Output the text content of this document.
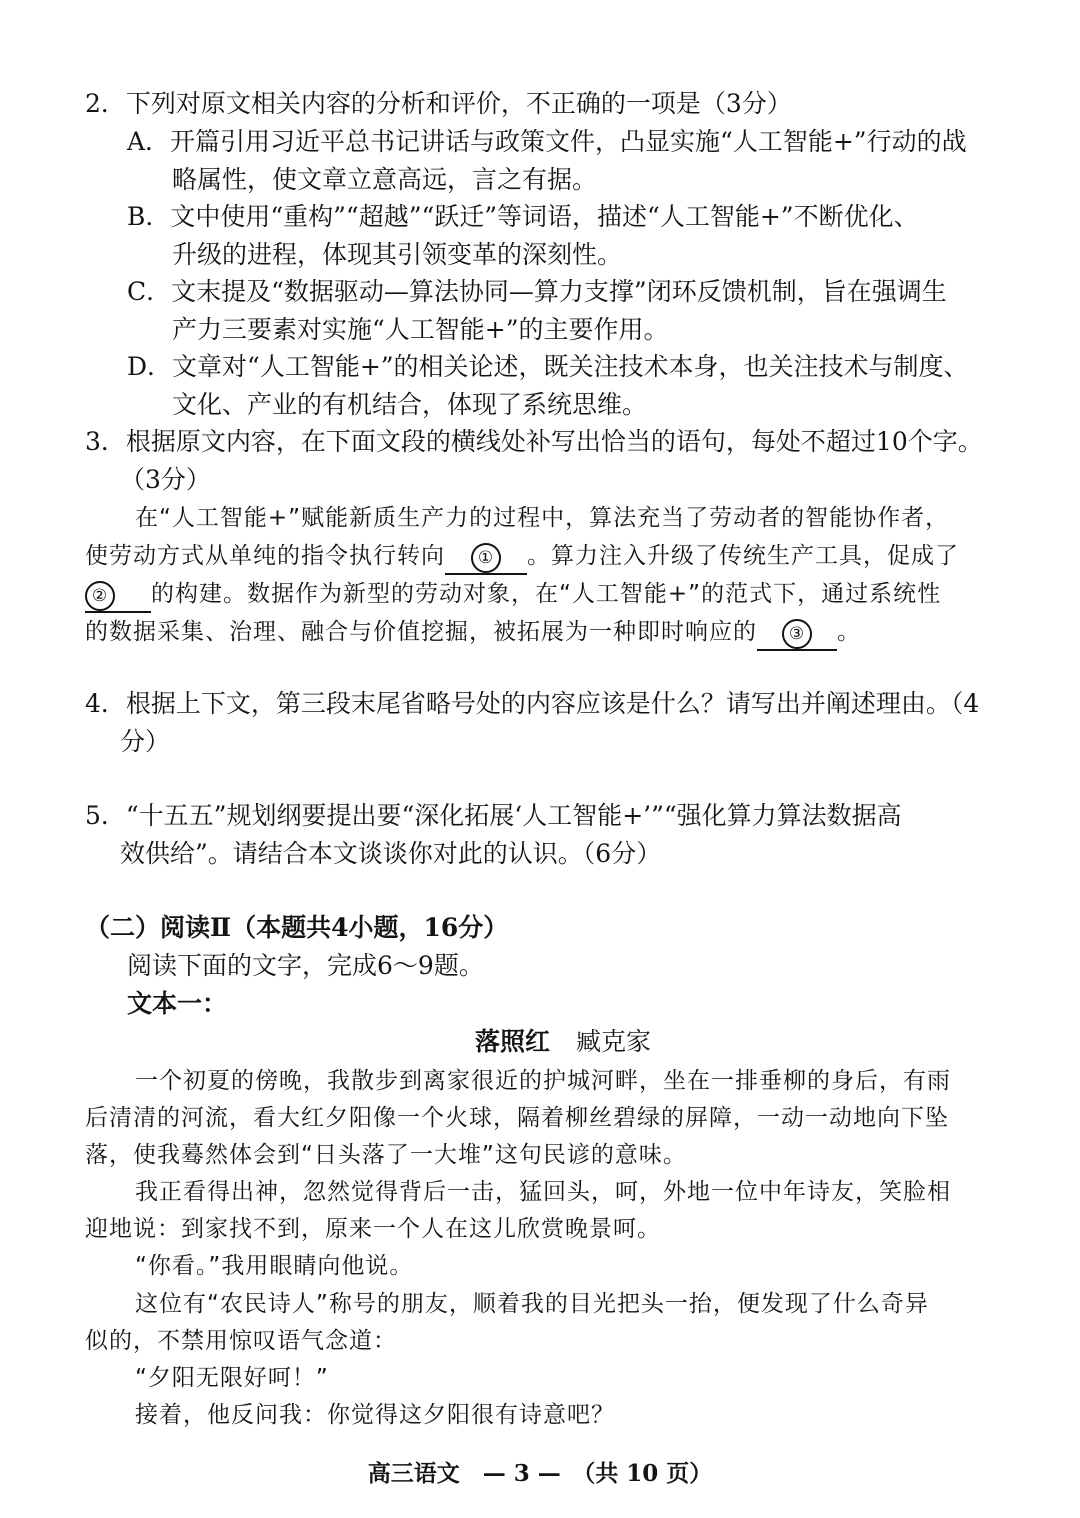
2．下列对原文相关内容的分析和评价，不正确的一项是（3分）
A．开篇引用习近平总书记讲话与政策文件，凸显实施“人工智能+”行动的战
略属性，使文章立意高远，言之有据。
B．文中使用“重构”“超越”“跃迁”等词语，描述“人工智能+”不断优化、
升级的进程，体现其引领变革的深刻性。
C．文末提及“数据驱动—算法协同—算力支撑”闭环反馈机制，旨在强调生
产力三要素对实施“人工智能+”的主要作用。
D．文章对“人工智能+”的相关论述，既关注技术本身，也关注技术与制度、
文化、产业的有机结合，体现了系统思维。
3．根据原文内容，在下面文段的横线处补写出恰当的语句，每处不超过10个字。
（3分）
在“人工智能+”赋能新质生产力的过程中，算法充当了劳动者的智能协作者，
使劳动方式从单纯的指令执行转向 ① 。算力注入升级了传统生产工具，促成了
② 的构建。数据作为新型的劳动对象，在“人工智能+”的范式下，通过系统性
的数据采集、治理、融合与价值挖掘，被拓展为一种即时响应的 ③ 。
4．根据上下文，第三段末尾省略号处的内容应该是什么？请写出并阐述理由。（4
分）
5．“十五五”规划纲要提出要“深化拓展‘人工智能+’”“强化算力算法数据高
效供给”。请结合本文谈谈你对此的认识。（6分）
（二）阅读Ⅱ（本题共4小题，16分）
阅读下面的文字，完成6～9题。
文本一：
落照红 臧克家
一个初夏的傍晚，我散步到离家很近的护城河畔，坐在一排垂柳的身后，有雨
后清清的河流，看大红夕阳像一个火球，隔着柳丝碧绿的屏障，一动一动地向下坠
落，使我蓦然体会到“日头落了一大堆”这句民谚的意味。
我正看得出神，忽然觉得背后一击，猛回头，呵，外地一位中年诗友，笑脸相
迎地说：到家找不到，原来一个人在这儿欣赏晚景呵。
“你看。”我用眼睛向他说。
这位有“农民诗人”称号的朋友，顺着我的目光把头一抬，便发现了什么奇异
似的，不禁用惊叹语气念道：
“夕阳无限好呵！”
接着，他反问我：你觉得这夕阳很有诗意吧？
高三语文　— 3 —　（共 10 页）
